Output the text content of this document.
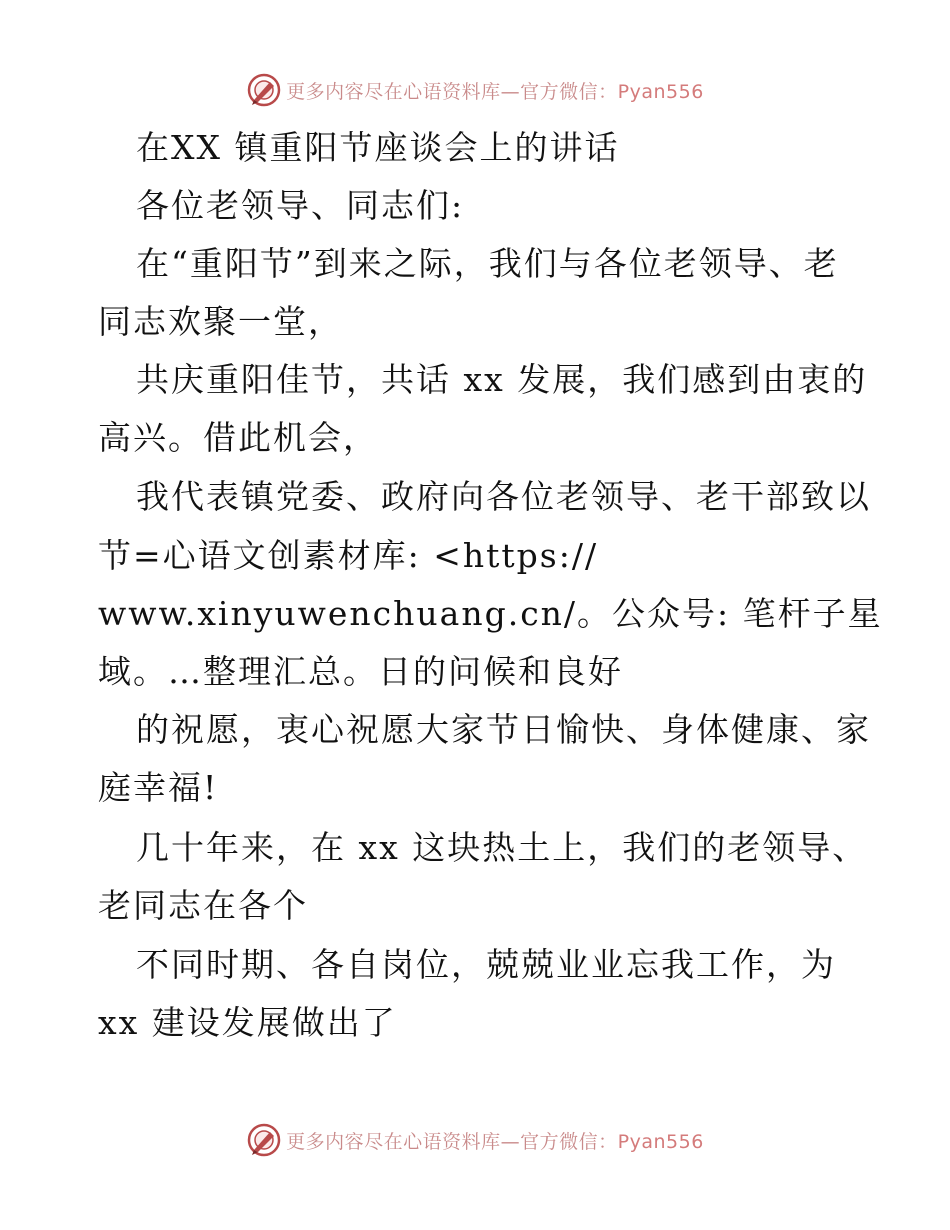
更多内容尽在心语资料库—官方微信：Pyan556
在XX 镇重阳节座谈会上的讲话
各位老领导、同志们:
在“重阳节”到来之际，我们与各位老领导、老
同志欢聚一堂，
共庆重阳佳节，共话 xx 发展，我们感到由衷的
高兴。借此机会，
我代表镇党委、政府向各位老领导、老干部致以
节=心语文创素材库: <https://
www.xinyuwenchuang.cn/。公众号: 笔杆子星
域。…整理汇总。日的问候和良好
的祝愿，衷心祝愿大家节日愉快、身体健康、家
庭幸福!
几十年来，在 xx 这块热土上，我们的老领导、
老同志在各个
不同时期、各自岗位，兢兢业业忘我工作，为
xx 建设发展做出了
更多内容尽在心语资料库—官方微信：Pyan556
